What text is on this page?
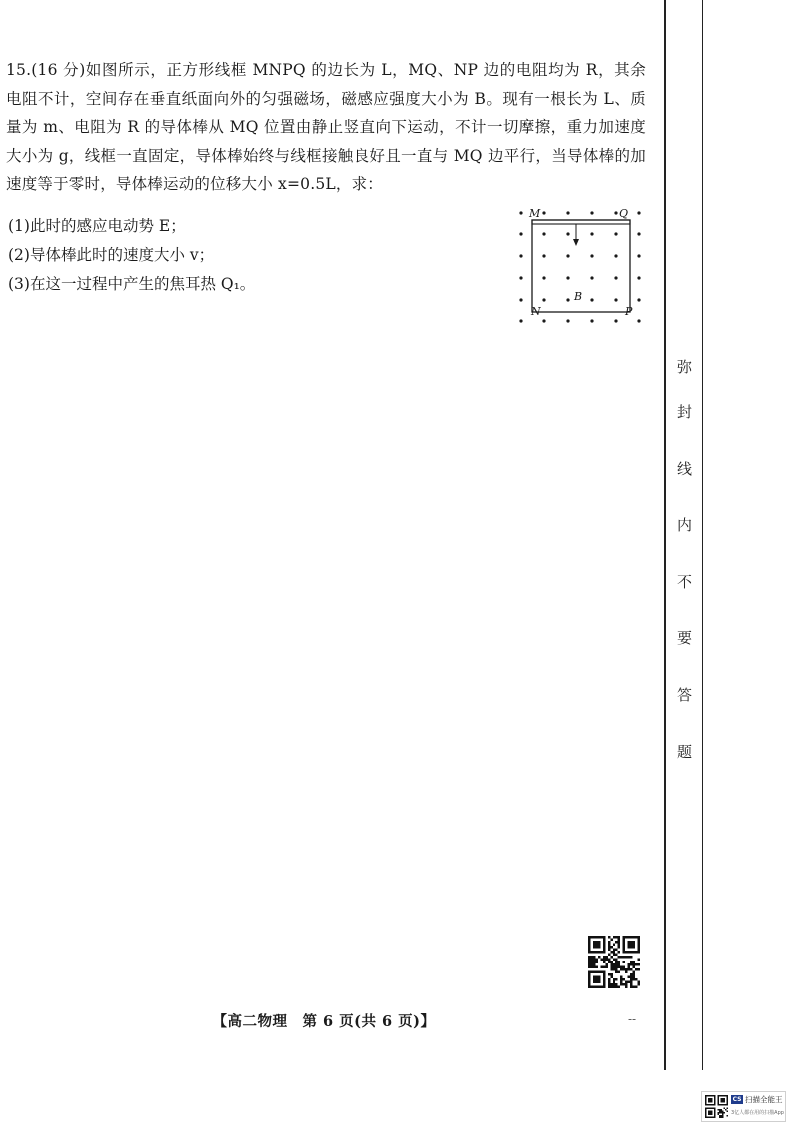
15.(16 分)如图所示，正方形线框 MNPQ 的边长为 L，MQ、NP 边的电阻均为 R，其余电阻不计，空间存在垂直纸面向外的匀强磁场，磁感应强度大小为 B。现有一根长为 L、质量为 m、电阻为 R 的导体棒从 MQ 位置由静止竖直向下运动，不计一切摩擦，重力加速度大小为 g，线框一直固定，导体棒始终与线框接触良好且一直与 MQ 边平行，当导体棒的加速度等于零时，导体棒运动的位移大小 x=0.5L，求：

(1)此时的感应电动势 E；
(2)导体棒此时的速度大小 v；
(3)在这一过程中产生的焦耳热 Q₁。
M	Q
N	P
B
弥
封
线
内
不
要
答
题
【高二物理　第 6 页(共 6 页)】	--
CS 扫描全能王
3亿人都在用的扫描App
